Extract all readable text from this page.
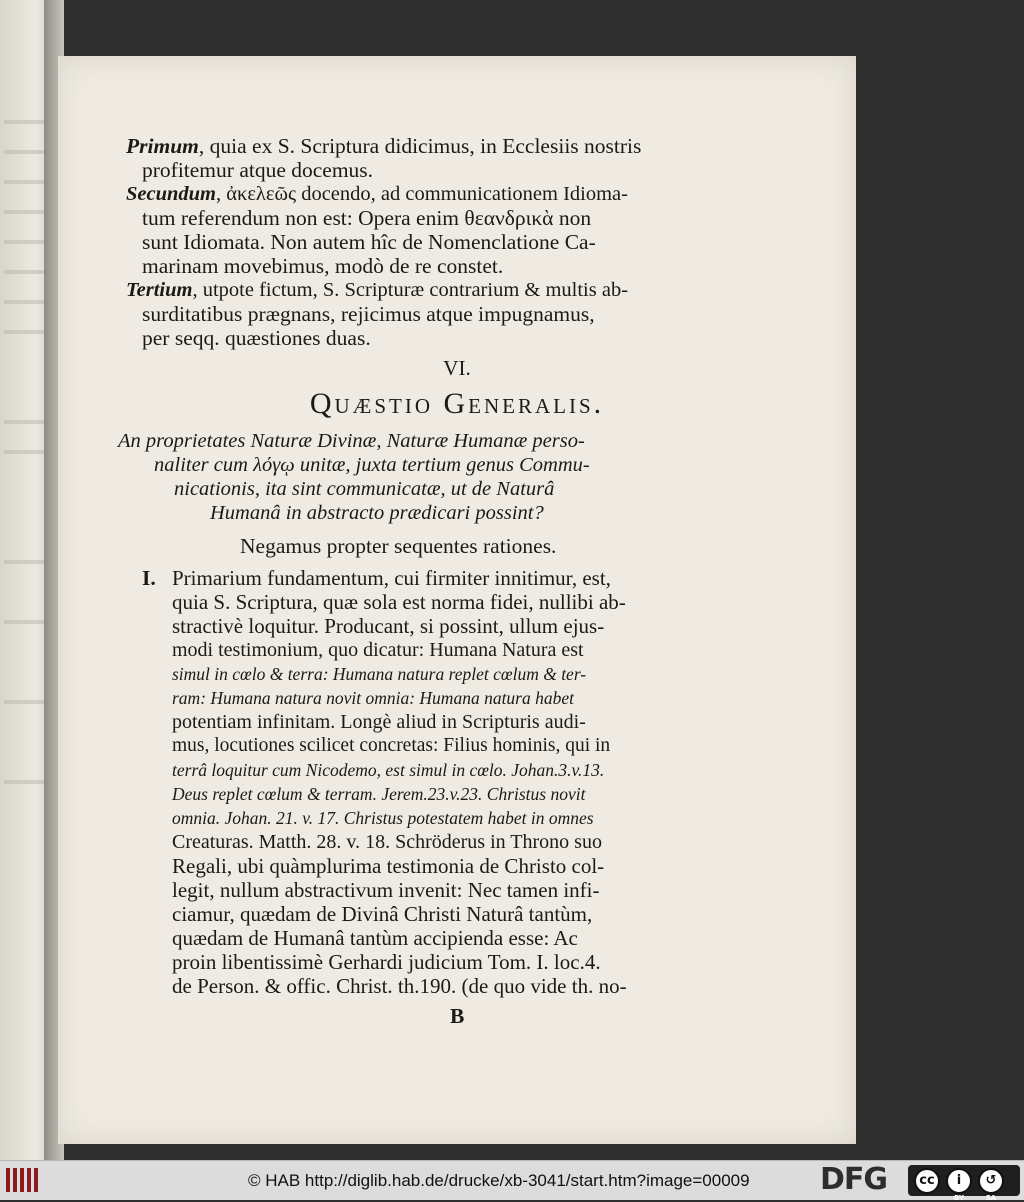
Primum, quia ex S. Scriptura didicimus, in Ecclesiis nostris
profitemur atque docemus.
Secundum, ἀκελεῶς docendo, ad communicationem Idioma-
tum referendum non est: Opera enim θεανδρικὰ non
sunt Idiomata. Non autem hîc de Nomenclatione Ca-
marinam movebimus, modò de re constet.
Tertium, utpote fictum, S. Scripturæ contrarium & multis ab-
surditatibus prægnans, rejicimus atque impugnamus,
per seqq. quæstiones duas.
VI.
Quæstio Generalis.
An proprietates Naturæ Divinæ, Naturæ Humanæ perso-
naliter cum λόγῳ unitæ, juxta tertium genus Commu-
nicationis, ita sint communicatæ, ut de Naturâ
Humanâ in abstracto prædicari possint?
Negamus propter sequentes rationes.
I. Primarium fundamentum, cui firmiter innitimur, est,
quia S. Scriptura, quæ sola est norma fidei, nullibi ab-
stractivè loquitur. Producant, si possint, ullum ejus-
modi testimonium, quo dicatur: Humana Natura est
simul in cœlo & terra: Humana natura replet cœlum & ter-
ram: Humana natura novit omnia: Humana natura habet
potentiam infinitam. Longè aliud in Scripturis audi-
mus, locutiones scilicet concretas: Filius hominis, qui in
terrâ loquitur cum Nicodemo, est simul in cœlo. Johan.3.v.13.
Deus replet cœlum & terram. Jerem.23.v.23. Christus novit
omnia. Johan. 21. v. 17. Christus potestatem habet in omnes
Creaturas. Matth. 28. v. 18. Schröderus in Throno suo
Regali, ubi quàmplurima testimonia de Christo col-
legit, nullum abstractivum invenit: Nec tamen infi-
ciamur, quædam de Divinâ Christi Naturâ tantùm,
quædam de Humanâ tantùm accipienda esse: Ac
proin libentissimè Gerhardi judicium Tom. I. loc.4.
de Person. & offic. Christ. th.190. (de quo vide th. no-
B
© HAB http://diglib.hab.de/drucke/xb-3041/start.htm?image=00009 DFG	cc	i
BY
↺
SA
